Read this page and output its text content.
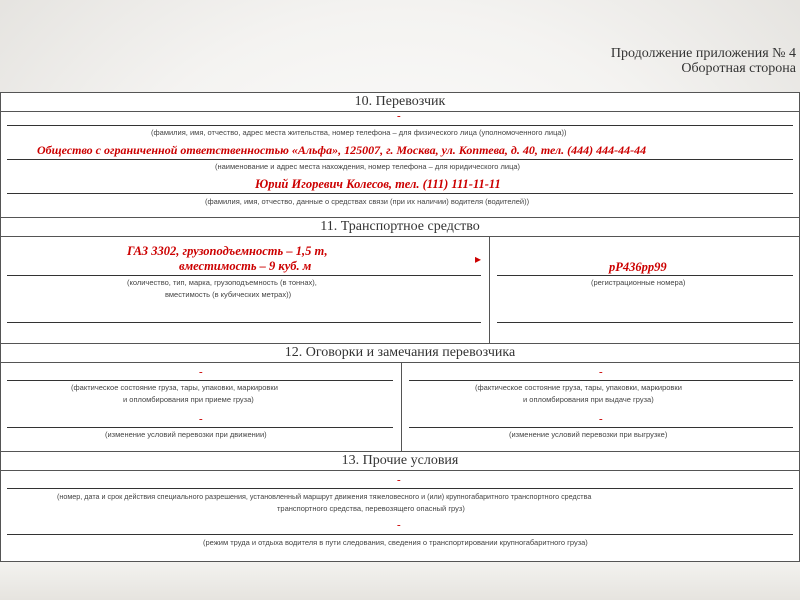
Продолжение приложения № 4
Оборотная сторона
10. Перевозчик
-
(фамилия, имя, отчество, адрес места жительства, номер телефона – для физического лица (уполномоченного лица))
Общество с ограниченной ответственностью «Альфа», 125007, г. Москва, ул. Коптева, д. 40, тел. (444) 444-44-44
(наименование и адрес места нахождения, номер телефона – для юридического лица)
Юрий Игоревич Колесов, тел. (111) 111-11-11
(фамилия, имя, отчество, данные о средствах связи (при их наличии) водителя (водителей))
11. Транспортное средство
ГАЗ 3302, грузоподъемность – 1,5 т,
вместимость – 9 куб. м
(количество, тип, марка, грузоподъемность (в тоннах),
вместимость (в кубических метрах))
▸
рР436рр99
(регистрационные номера)
12. Оговорки и замечания перевозчика
-
(фактическое состояние груза, тары, упаковки, маркировки
и опломбирования при приеме груза)
-
(изменение условий перевозки при движении)
-
(фактическое состояние груза, тары, упаковки, маркировки
и опломбирования при выдаче груза)
-
(изменение условий перевозки при выгрузке)
13. Прочие условия
-
(номер, дата и срок действия специального разрешения, установленный маршрут движения тяжеловесного и (или) крупногабаритного транспортного средства
транспортного средства, перевозящего опасный груз)
-
(режим труда и отдыха водителя в пути следования, сведения о транспортировании крупногабаритного груза)
